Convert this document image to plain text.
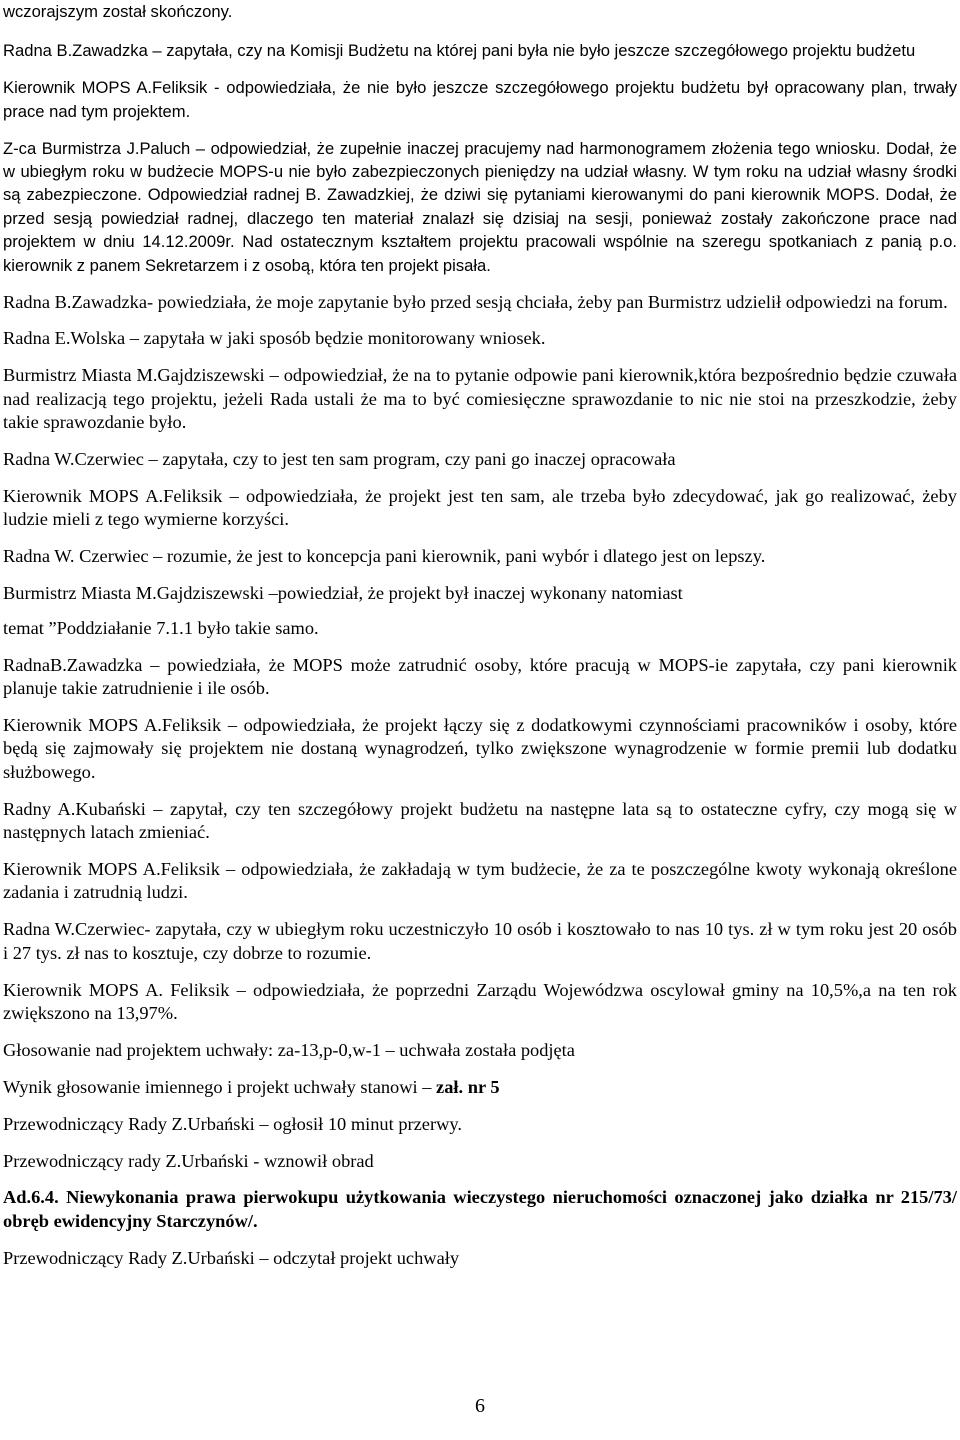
wczorajszym został skończony.

Radna B.Zawadzka – zapytała, czy na Komisji Budżetu na której pani była nie było jeszcze szczegółowego projektu budżetu

Kierownik MOPS A.Feliksik - odpowiedziała, że nie było jeszcze szczegółowego projektu budżetu był opracowany plan, trwały prace nad tym projektem.

Z-ca Burmistrza J.Paluch – odpowiedział, że zupełnie inaczej pracujemy nad harmonogramem złożenia tego wniosku. Dodał, że w ubiegłym roku w budżecie MOPS-u nie było zabezpieczonych pieniędzy na udział własny. W tym roku na udział własny środki są zabezpieczone. Odpowiedział radnej B. Zawadzkiej, że dziwi się pytaniami kierowanymi do pani kierownik MOPS. Dodał, że przed sesją powiedział radnej, dlaczego ten materiał znalazł się dzisiaj na sesji, ponieważ zostały zakończone prace nad projektem w dniu 14.12.2009r. Nad ostatecznym kształtem projektu pracowali wspólnie na szeregu spotkaniach z panią p.o. kierownik z panem Sekretarzem i z osobą, która ten projekt pisała.

Radna B.Zawadzka- powiedziała, że moje zapytanie było przed sesją chciała, żeby pan Burmistrz udzielił odpowiedzi na forum.

Radna E.Wolska – zapytała w jaki sposób będzie monitorowany wniosek.

Burmistrz Miasta M.Gajdziszewski – odpowiedział, że na to pytanie odpowie pani kierownik,która bezpośrednio będzie czuwała nad realizacją tego projektu, jeżeli Rada ustali że ma to być comiesięczne sprawozdanie to nic nie stoi na przeszkodzie, żeby takie sprawozdanie było.

Radna W.Czerwiec – zapytała, czy to jest ten sam program, czy pani go inaczej opracowała

Kierownik MOPS A.Feliksik – odpowiedziała, że projekt jest ten sam, ale trzeba było zdecydować, jak go realizować, żeby ludzie mieli z tego wymierne korzyści.

Radna W. Czerwiec – rozumie, że jest to koncepcja pani kierownik, pani wybór i dlatego jest on lepszy.

Burmistrz Miasta M.Gajdziszewski –powiedział, że projekt był inaczej wykonany natomiast

temat ”Poddziałanie 7.1.1 było takie samo.

RadnaB.Zawadzka – powiedziała, że MOPS może zatrudnić osoby, które pracują w MOPS-ie zapytała, czy pani kierownik planuje takie zatrudnienie i ile osób.

Kierownik MOPS A.Feliksik – odpowiedziała, że projekt łączy się z dodatkowymi czynnościami pracowników i osoby, które będą się zajmowały się projektem nie dostaną wynagrodzeń, tylko zwiększone wynagrodzenie w formie premii lub dodatku służbowego.

Radny A.Kubański – zapytał, czy ten szczegółowy projekt budżetu na następne lata są to ostateczne cyfry, czy mogą się w następnych latach zmieniać.

Kierownik MOPS A.Feliksik – odpowiedziała, że zakładają w tym budżecie, że za te poszczególne kwoty wykonają określone zadania i zatrudnią ludzi.

Radna W.Czerwiec- zapytała, czy w ubiegłym roku uczestniczyło 10 osób i kosztowało to nas 10 tys. zł w tym roku jest 20 osób i 27 tys. zł nas to kosztuje, czy dobrze to rozumie.

Kierownik MOPS A. Feliksik – odpowiedziała, że poprzedni Zarządu Wojewódzwa oscylował gminy na 10,5%,a na ten rok zwiększono na 13,97%.

Głosowanie nad projektem uchwały: za-13,p-0,w-1 – uchwała została podjęta

Wynik głosowanie imiennego i projekt uchwały stanowi – zał. nr 5

Przewodniczący Rady Z.Urbański – ogłosił 10 minut przerwy.

Przewodniczący rady Z.Urbański - wznowił obrad

Ad.6.4. Niewykonania prawa pierwokupu użytkowania wieczystego nieruchomości oznaczonej jako działka nr 215/73/ obręb ewidencyjny Starczynów/.

Przewodniczący Rady Z.Urbański – odczytał projekt uchwały

6
